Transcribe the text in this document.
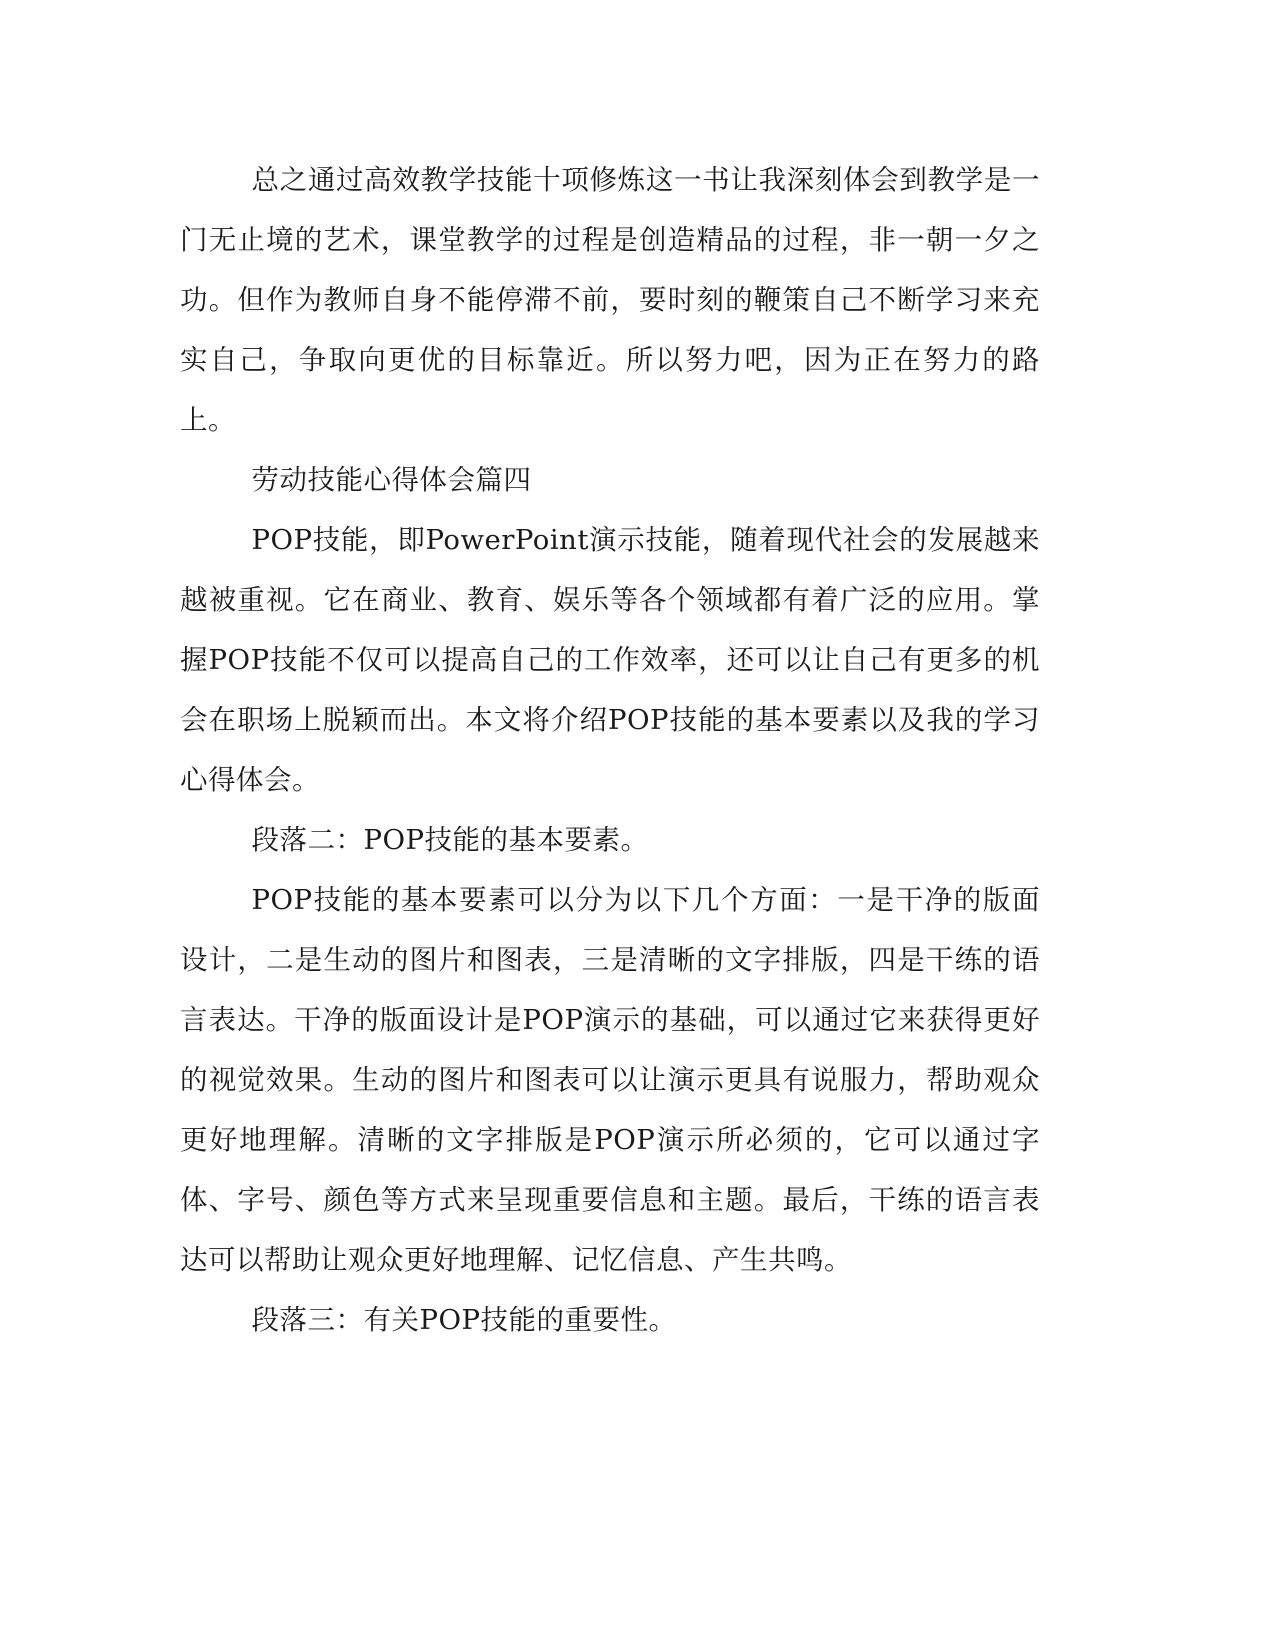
总之通过高效教学技能十项修炼这一书让我深刻体会到教学是一门无止境的艺术，课堂教学的过程是创造精品的过程，非一朝一夕之功。但作为教师自身不能停滞不前，要时刻的鞭策自己不断学习来充实自己，争取向更优的目标靠近。所以努力吧，因为正在努力的路上。

劳动技能心得体会篇四

POP技能，即PowerPoint演示技能，随着现代社会的发展越来越被重视。它在商业、教育、娱乐等各个领域都有着广泛的应用。掌握POP技能不仅可以提高自己的工作效率，还可以让自己有更多的机会在职场上脱颖而出。本文将介绍POP技能的基本要素以及我的学习心得体会。

段落二：POP技能的基本要素。

POP技能的基本要素可以分为以下几个方面：一是干净的版面设计，二是生动的图片和图表，三是清晰的文字排版，四是干练的语言表达。干净的版面设计是POP演示的基础，可以通过它来获得更好的视觉效果。生动的图片和图表可以让演示更具有说服力，帮助观众更好地理解。清晰的文字排版是POP演示所必须的，它可以通过字体、字号、颜色等方式来呈现重要信息和主题。最后，干练的语言表达可以帮助让观众更好地理解、记忆信息、产生共鸣。

段落三：有关POP技能的重要性。
